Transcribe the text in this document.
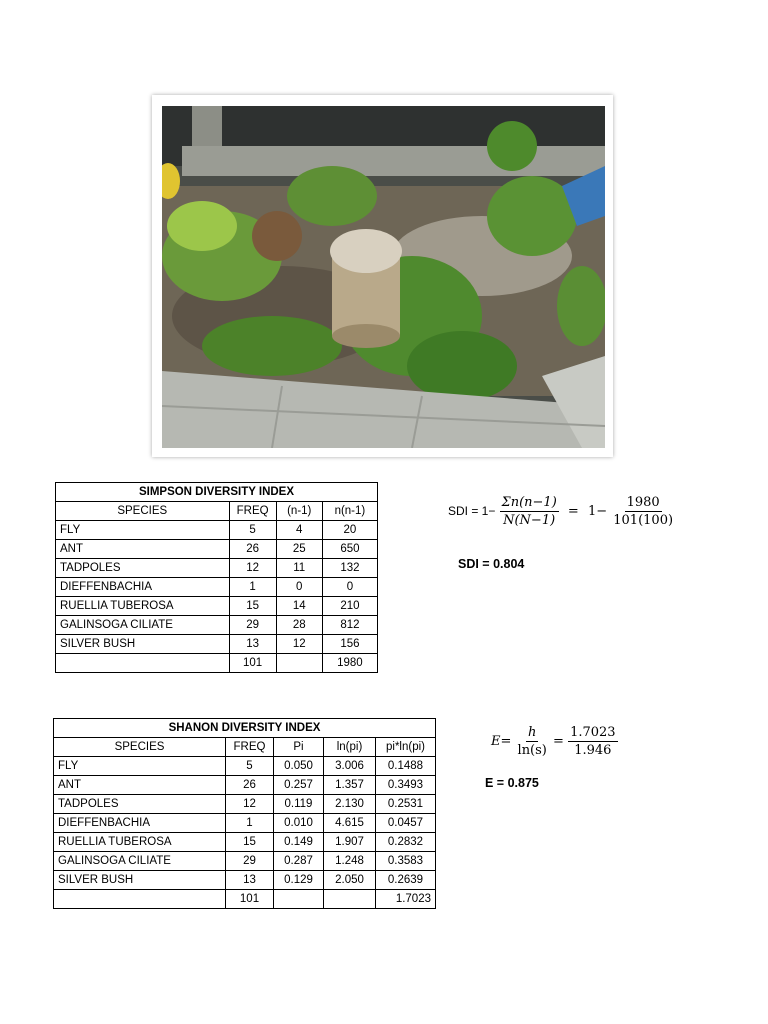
SIMPSON DIVERSITY INDEX			
SPECIES	FREQ	(n-1)	n(n-1)
FLY	5	4	20
ANT	26	25	650
TADPOLES	12	11	132
DIEFFENBACHIA	1	0	0
RUELLIA TUBEROSA	15	14	210
GALINSOGA CILIATE	29	28	812
SILVER BUSH	13	12	156
	101		1980
SDI = $1- \frac{\Sigma n(n-1)}{N(N-1)} = 1- \frac{1980}{101(100)}$
SDI = 0.804
SHANON DIVERSITY INDEX				
SPECIES	FREQ	Pi	ln(pi)	pi*ln(pi)
FLY	5	0.050	3.006	0.1488
ANT	26	0.257	1.357	0.3493
TADPOLES	12	0.119	2.130	0.2531
DIEFFENBACHIA	1	0.010	4.615	0.0457
RUELLIA TUBEROSA	15	0.149	1.907	0.2832
GALINSOGA CILIATE	29	0.287	1.248	0.3583
SILVER BUSH	13	0.129	2.050	0.2639
	101			1.7023
$E= \frac{h}{\ln(s)} = \frac{1.7023}{1.946}$
E = 0.875
